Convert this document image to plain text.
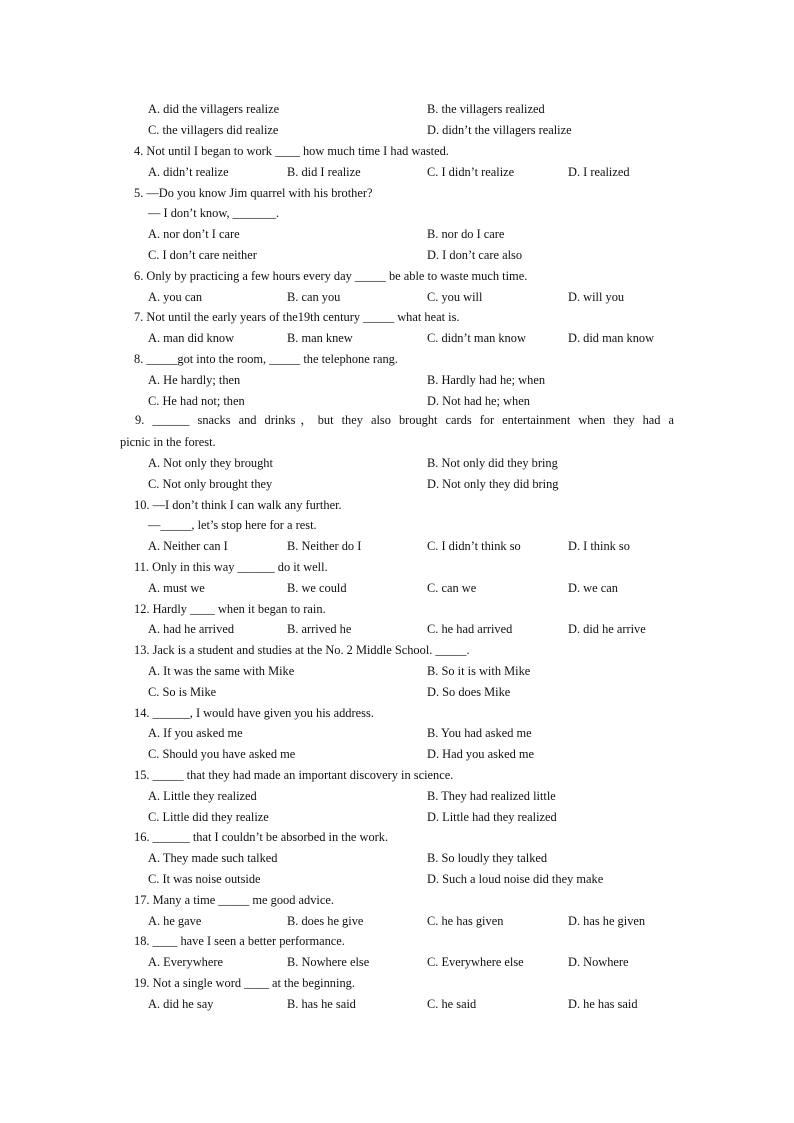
A. did the villagers realize	B. the villagers realized
C. the villagers did realize	D. didn’t the villagers realize
4. Not until I began to work ____ how much time I had wasted.
A. didn’t realize	B. did I realize	C. I didn’t realize	D. I realized
5. —Do you know Jim quarrel with his brother?
— I don’t know, _______.
A. nor don’t I care	B. nor do I care
C. I don’t care neither	D. I don’t care also
6. Only by practicing a few hours every day _____ be able to waste much time.
A. you can	B. can you	C. you will	D. will you
7. Not until the early years of the19th century _____ what heat is.
A. man did know	B. man knew	C. didn’t man know	D. did man know
8. _____got into the room, _____ the telephone rang.
A. He hardly; then	B. Hardly had he; when
C. He had not; then	D. Not had he; when
9. ______ snacks and drinks，but they also brought cards for entertainment when they had a
picnic in the forest.
A. Not only they brought	B. Not only did they bring
C. Not only brought they	D. Not only they did bring
10. —I don’t think I can walk any further.
—_____, let’s stop here for a rest.
A. Neither can I	B. Neither do I	C. I didn’t think so	D. I think so
11. Only in this way ______ do it well.
A. must we	B. we could	C. can we	D. we can
12. Hardly ____ when it began to rain.
A. had he arrived	B. arrived he	C. he had arrived	D. did he arrive
13. Jack is a student and studies at the No. 2 Middle School. _____.
A. It was the same with Mike	B. So it is with Mike
C. So is Mike	D. So does Mike
14. ______, I would have given you his address.
A. If you asked me	B. You had asked me
C. Should you have asked me	D. Had you asked me
15. _____ that they had made an important discovery in science.
A. Little they realized	B. They had realized little
C. Little did they realize	D. Little had they realized
16. ______ that I couldn’t be absorbed in the work.
A. They made such talked	B. So loudly they talked
C. It was noise outside	D. Such a loud noise did they make
17. Many a time _____ me good advice.
A. he gave	B. does he give	C. he has given	D. has he given
18. ____ have I seen a better performance.
A. Everywhere	B. Nowhere else	C. Everywhere else	D. Nowhere
19. Not a single word ____ at the beginning.
A. did he say	B. has he said	C. he said	D. he has said
